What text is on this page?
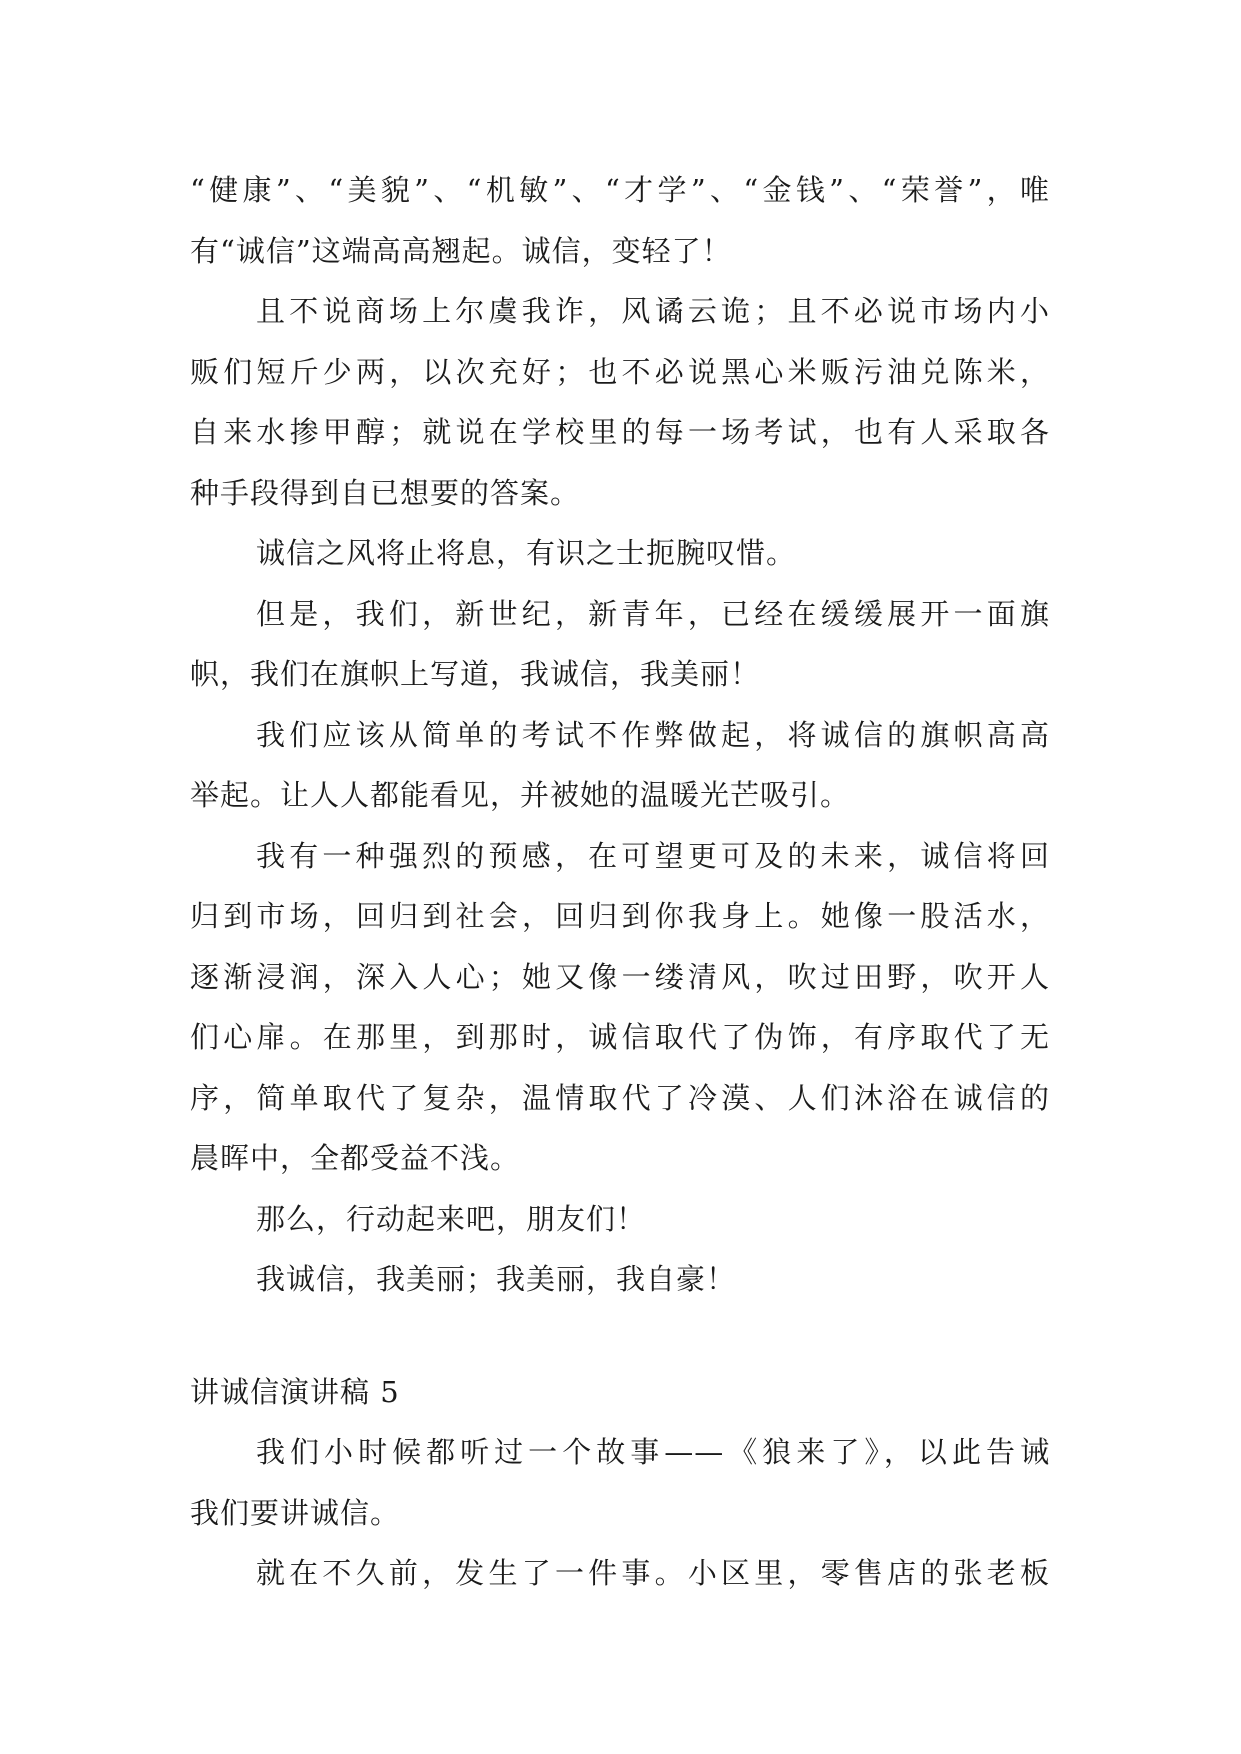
“健康”、“美貌”、“机敏”、“才学”、“金钱”、“荣誉”，唯
有“诚信”这端高高翘起。诚信，变轻了！
且不说商场上尔虞我诈，风谲云诡；且不必说市场内小
贩们短斤少两，以次充好；也不必说黑心米贩污油兑陈米，
自来水掺甲醇；就说在学校里的每一场考试，也有人采取各
种手段得到自已想要的答案。
诚信之风将止将息，有识之士扼腕叹惜。
但是，我们，新世纪，新青年，已经在缓缓展开一面旗
帜，我们在旗帜上写道，我诚信，我美丽！
我们应该从简单的考试不作弊做起，将诚信的旗帜高高
举起。让人人都能看见，并被她的温暖光芒吸引。
我有一种强烈的预感，在可望更可及的未来，诚信将回
归到市场，回归到社会，回归到你我身上。她像一股活水，
逐渐浸润，深入人心；她又像一缕清风，吹过田野，吹开人
们心扉。在那里，到那时，诚信取代了伪饰，有序取代了无
序，简单取代了复杂，温情取代了冷漠、人们沐浴在诚信的
晨晖中，全都受益不浅。
那么，行动起来吧，朋友们！
我诚信，我美丽；我美丽，我自豪！
讲诚信演讲稿 5
我们小时候都听过一个故事——《狼来了》，以此告诫
我们要讲诚信。
就在不久前，发生了一件事。小区里，零售店的张老板
